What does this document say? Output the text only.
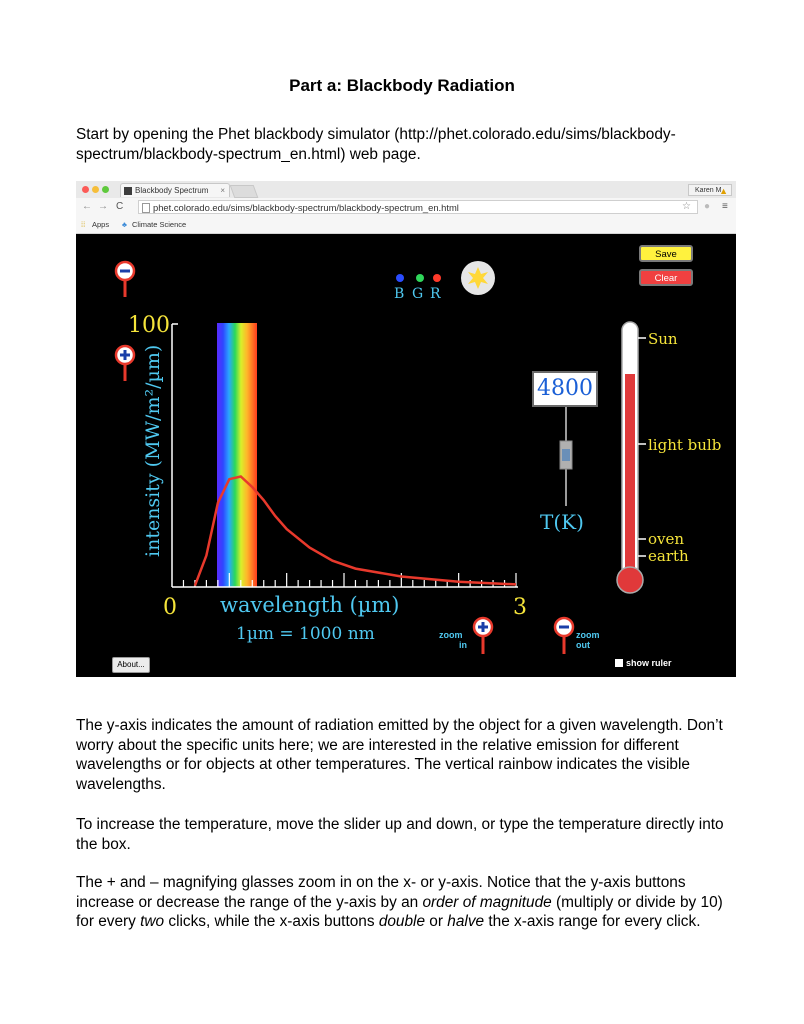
Part a: Blackbody Radiation
Start by opening the Phet blackbody simulator (http://phet.colorado.edu/sims/blackbody-spectrum/blackbody-spectrum_en.html) web page.
Blackbody Spectrum ×	Karen M
▲
← → C	phet.colorado.edu/sims/blackbody-spectrum/blackbody-spectrum_en.html	☆ ● ≡
⁞⁞ Apps ♣ Climate Science
B G R
100
intensity (MW/m²/µm)
0	3
wavelength (µm)
1µm = 1000 nm	zoom
in
zoom
out
T(K)
Sun
light bulb
oven
earth
Save
Clear
4800
About...	show ruler
The y-axis indicates the amount of radiation emitted by the object for a given wavelength. Don’t worry about the specific units here; we are interested in the relative emission for different wavelengths or for objects at other temperatures. The vertical rainbow indicates the visible wavelengths.
To increase the temperature, move the slider up and down, or type the temperature directly into the box.
The + and – magnifying glasses zoom in on the x- or y-axis. Notice that the y-axis buttons increase or decrease the range of the y-axis by an order of magnitude (multiply or divide by 10) for every two clicks, while the x-axis buttons double or halve the x-axis range for every click.
